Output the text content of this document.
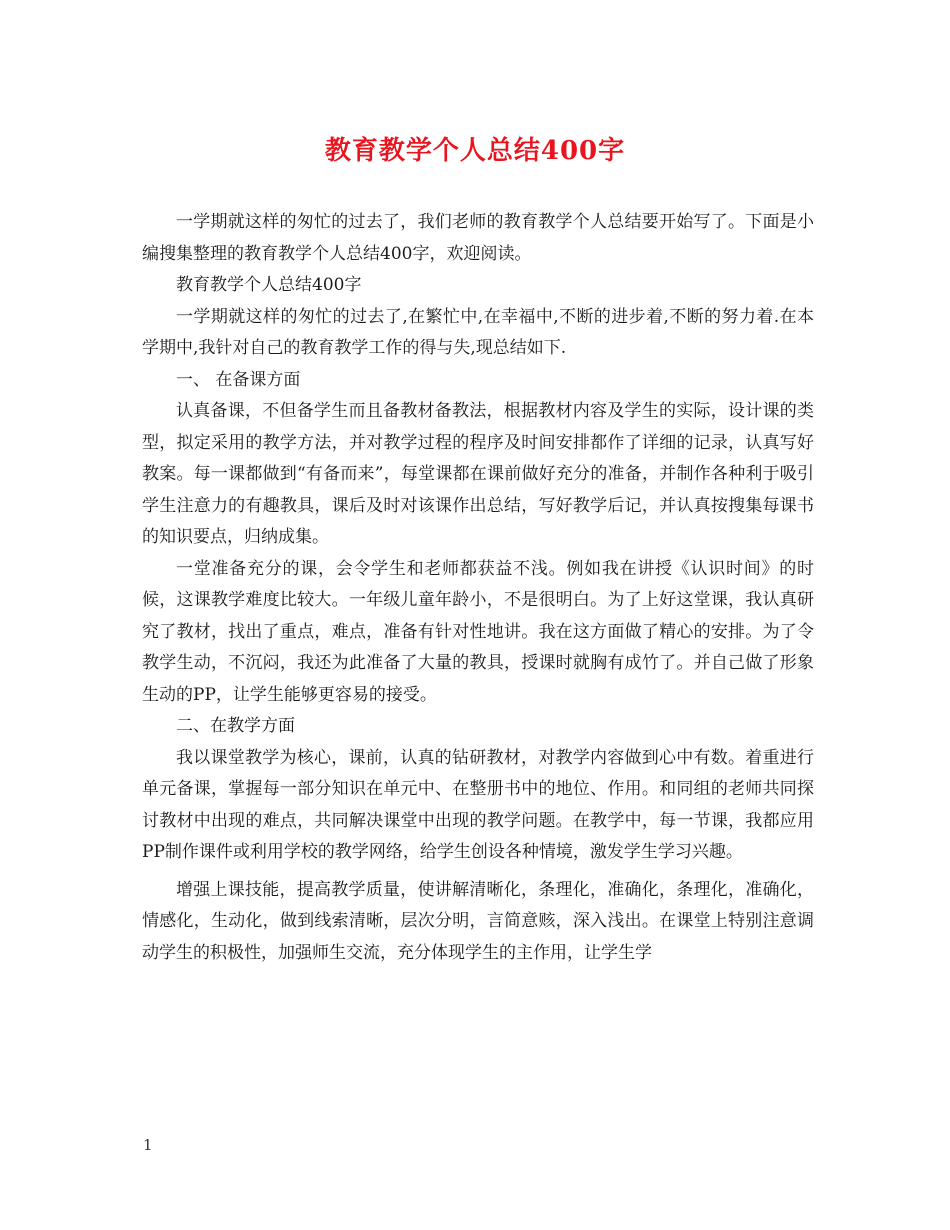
教育教学个人总结400字

一学期就这样的匆忙的过去了，我们老师的教育教学个人总结要开始写了。下面是小编搜集整理的教育教学个人总结400字，欢迎阅读。

教育教学个人总结400字

一学期就这样的匆忙的过去了,在繁忙中,在幸福中,不断的进步着,不断的努力着.在本学期中,我针对自己的教育教学工作的得与失,现总结如下.

一、 在备课方面

认真备课，不但备学生而且备教材备教法，根据教材内容及学生的实际，设计课的类型，拟定采用的教学方法，并对教学过程的程序及时间安排都作了详细的记录，认真写好教案。每一课都做到“有备而来”，每堂课都在课前做好充分的准备，并制作各种利于吸引学生注意力的有趣教具，课后及时对该课作出总结，写好教学后记，并认真按搜集每课书的知识要点，归纳成集。

一堂准备充分的课，会令学生和老师都获益不浅。例如我在讲授《认识时间》的时候，这课教学难度比较大。一年级儿童年龄小，不是很明白。为了上好这堂课，我认真研究了教材，找出了重点，难点，准备有针对性地讲。我在这方面做了精心的安排。为了令教学生动，不沉闷，我还为此准备了大量的教具，授课时就胸有成竹了。并自己做了形象生动的PP，让学生能够更容易的接受。

二、在教学方面

我以课堂教学为核心，课前，认真的钻研教材，对教学内容做到心中有数。着重进行单元备课，掌握每一部分知识在单元中、在整册书中的地位、作用。和同组的老师共同探讨教材中出现的难点，共同解决课堂中出现的教学问题。在教学中，每一节课，我都应用PP制作课件或利用学校的教学网络，给学生创设各种情境，激发学生学习兴趣。

增强上课技能，提高教学质量，使讲解清晰化，条理化，准确化，条理化，准确化，情感化，生动化，做到线索清晰，层次分明，言简意赅，深入浅出。在课堂上特别注意调动学生的积极性，加强师生交流，充分体现学生的主作用，让学生学

1
